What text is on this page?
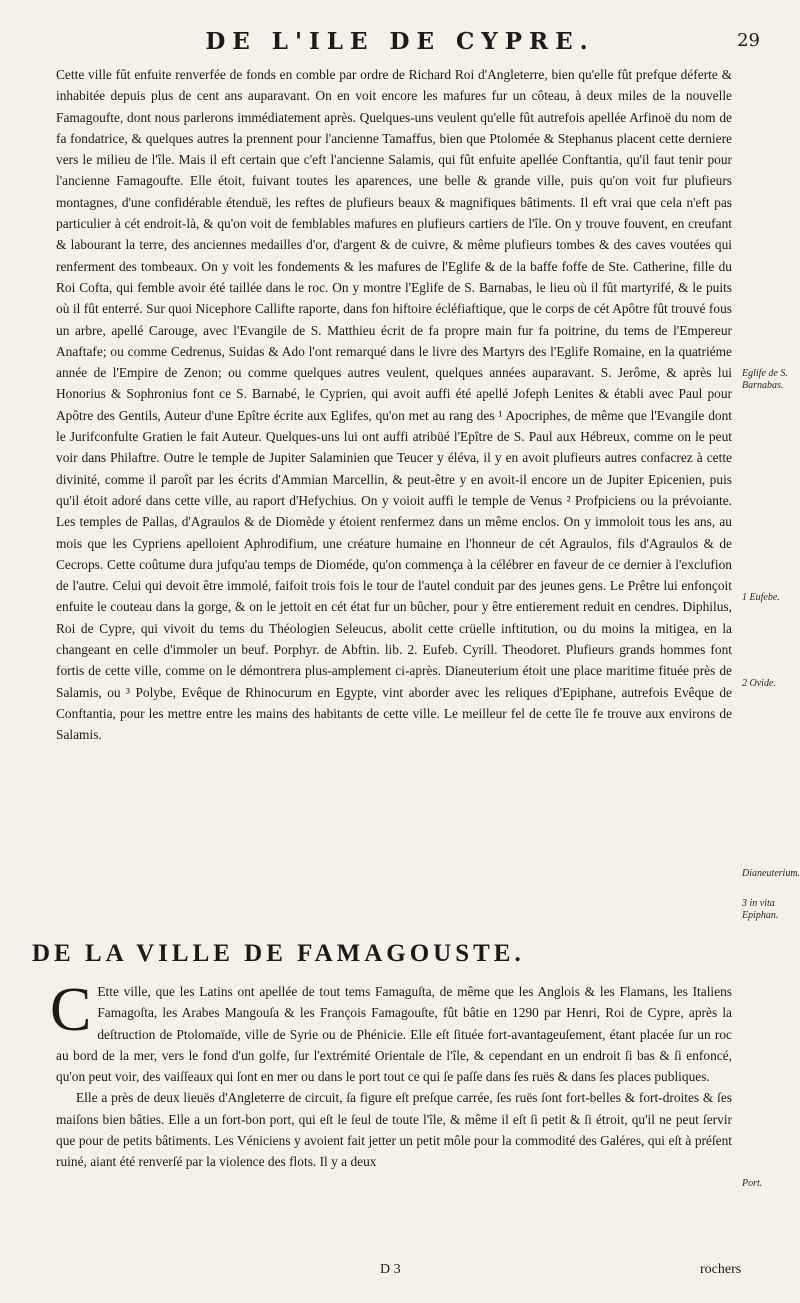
DE L'ILE DE CYPRE.	29
Cette ville fût enfuite renverfée de fonds en comble par ordre de Richard Roi d'Angleterre, bien qu'elle fût prefque déferte & inhabitée depuis plus de cent ans auparavant. On en voit encore les mafures fur un côteau, à deux miles de la nouvelle Famagoufte, dont nous parlerons immédiatement après. Quelques-uns veulent qu'elle fût autrefois apellée Arfinoë du nom de fa fondatrice, & quelques autres la prennent pour l'ancienne Tamaffus, bien que Ptolomée & Stephanus placent cette derniere vers le milieu de l'île. Mais il eft certain que c'eft l'ancienne Salamis, qui fût enfuite apellée Conftantia, qu'il faut tenir pour l'ancienne Famagoufte. Elle étoit, fuivant toutes les aparences, une belle & grande ville, puis qu'on voit fur plufieurs montagnes, d'une confidérable étenduë, les reftes de plufieurs beaux & magnifiques bâtiments. Il eft vrai que cela n'eft pas particulier à cét endroit-là, & qu'on voit de femblables mafures en plufieurs cartiers de l'île. On y trouve fouvent, en creufant & labourant la terre, des anciennes medailles d'or, d'argent & de cuivre, & même plufieurs tombes & des caves voutées qui renferment des tombeaux. On y voit les fondements & les mafures de l'Eglife & de la baffe foffe de Ste. Catherine, fille du Roi Cofta, qui femble avoir été taillée dans le roc. On y montre l'Eglife de S. Barnabas, le lieu où il fût martyrifé, & le puits où il fût enterré. Sur quoi Nicephore Callifte raporte, dans fon hiftoire écléfiaftique, que le corps de cét Apôtre fût trouvé fous un arbre, apellé Carouge, avec l'Evangile de S. Matthieu écrit de fa propre main fur fa poitrine, du tems de l'Empereur Anaftafe; ou comme Cedrenus, Suidas & Ado l'ont remarqué dans le livre des Martyrs des l'Eglife Romaine, en la quatriéme année de l'Empire de Zenon; ou comme quelques autres veulent, quelques années auparavant. S. Jerôme, & après lui Honorius & Sophronius font ce S. Barnabé, le Cyprien, qui avoit auffi été apellé Jofeph Lenites & établi avec Paul pour Apôtre des Gentils, Auteur d'une Epître écrite aux Eglifes, qu'on met au rang des ¹ Apocriphes, de même que l'Evangile dont le Jurifconfulte Gratien le fait Auteur. Quelques-uns lui ont auffi atribüé l'Epître de S. Paul aux Hébreux, comme on le peut voir dans Philaftre. Outre le temple de Jupiter Salaminien que Teucer y éléva, il y en avoit plufieurs autres confacrez à cette divinité, comme il paroît par les écrits d'Ammian Marcellin, & peut-être y en avoit-il encore un de Jupiter Epicenien, puis qu'il étoit adoré dans cette ville, au raport d'Hefychius. On y voioit auffi le temple de Venus ² Profpiciens ou la prévoiante. Les temples de Pallas, d'Agraulos & de Diomède y étoient renfermez dans un même enclos. On y immoloit tous les ans, au mois que les Cypriens apelloient Aphrodifium, une créature humaine en l'honneur de cét Agraulos, fils d'Agraulos & de Cecrops. Cette coûtume dura jufqu'au temps de Dioméde, qu'on commença à la célébrer en faveur de ce dernier à l'exclufion de l'autre. Celui qui devoit être immolé, faifoit trois fois le tour de l'autel conduit par des jeunes gens. Le Prêtre lui enfonçoit enfuite le couteau dans la gorge, & on le jettoit en cét état fur un bûcher, pour y être entierement reduit en cendres. Diphilus, Roi de Cypre, qui vivoit du tems du Théologien Seleucus, abolit cette crüelle inftitution, ou du moins la mitigea, en la changeant en celle d'immoler un beuf. Porphyr. de Abftin. lib. 2. Eufeb. Cyrill. Theodoret. Plufieurs grands hommes font fortis de cette ville, comme on le démontrera plus-amplement ci-après. Dianeuterium étoit une place maritime fituée près de Salamis, ou ³ Polybe, Evêque de Rhinocurum en Egypte, vint aborder avec les reliques d'Epiphane, autrefois Evêque de Conftantia, pour les mettre entre les mains des habitants de cette ville. Le meilleur fel de cette île fe trouve aux environs de Salamis.
Eglife de S. Barnabas.
1 Eufebe.
2 Ovide.
Dianeuterium.
3 in vita Epiphan.
DE LA VILLE DE FAMAGOUSTE.

C Ette ville, que les Latins ont apellée de tout tems Famaguſta, de même que les Anglois & les Flamans, les Italiens Famagoſta, les Arabes Mangouſa & les François Famagouſte, fût bâtie en 1290 par Henri, Roi de Cypre, après la deſtruction de Ptolomaïde, ville de Syrie ou de Phénicie. Elle eſt ſituée fort-avantageuſement, étant placée ſur un roc au bord de la mer, vers le fond d'un golfe, ſur l'extrémité Orientale de l'île, & cependant en un endroit ſi bas & ſi enfoncé, qu'on peut voir, des vaiſſeaux qui ſont en mer ou dans le port tout ce qui ſe paſſe dans ſes ruës & dans ſes places publiques.

Elle a près de deux lieuës d'Angleterre de circuit, ſa figure eſt preſque carrée, ſes ruës ſont fort-belles & fort-droites & ſes maiſons bien bâties. Elle a un fort-bon port, qui eſt le ſeul de toute l'île, & même il eſt ſi petit & ſi étroit, qu'il ne peut ſervir que pour de petits bâtiments. Les Véniciens y avoient fait jetter un petit môle pour la commodité des Galéres, qui eſt à préſent ruiné, aiant été renverſé par la violence des flots. Il y a deux

Port.
D 3	rochers
